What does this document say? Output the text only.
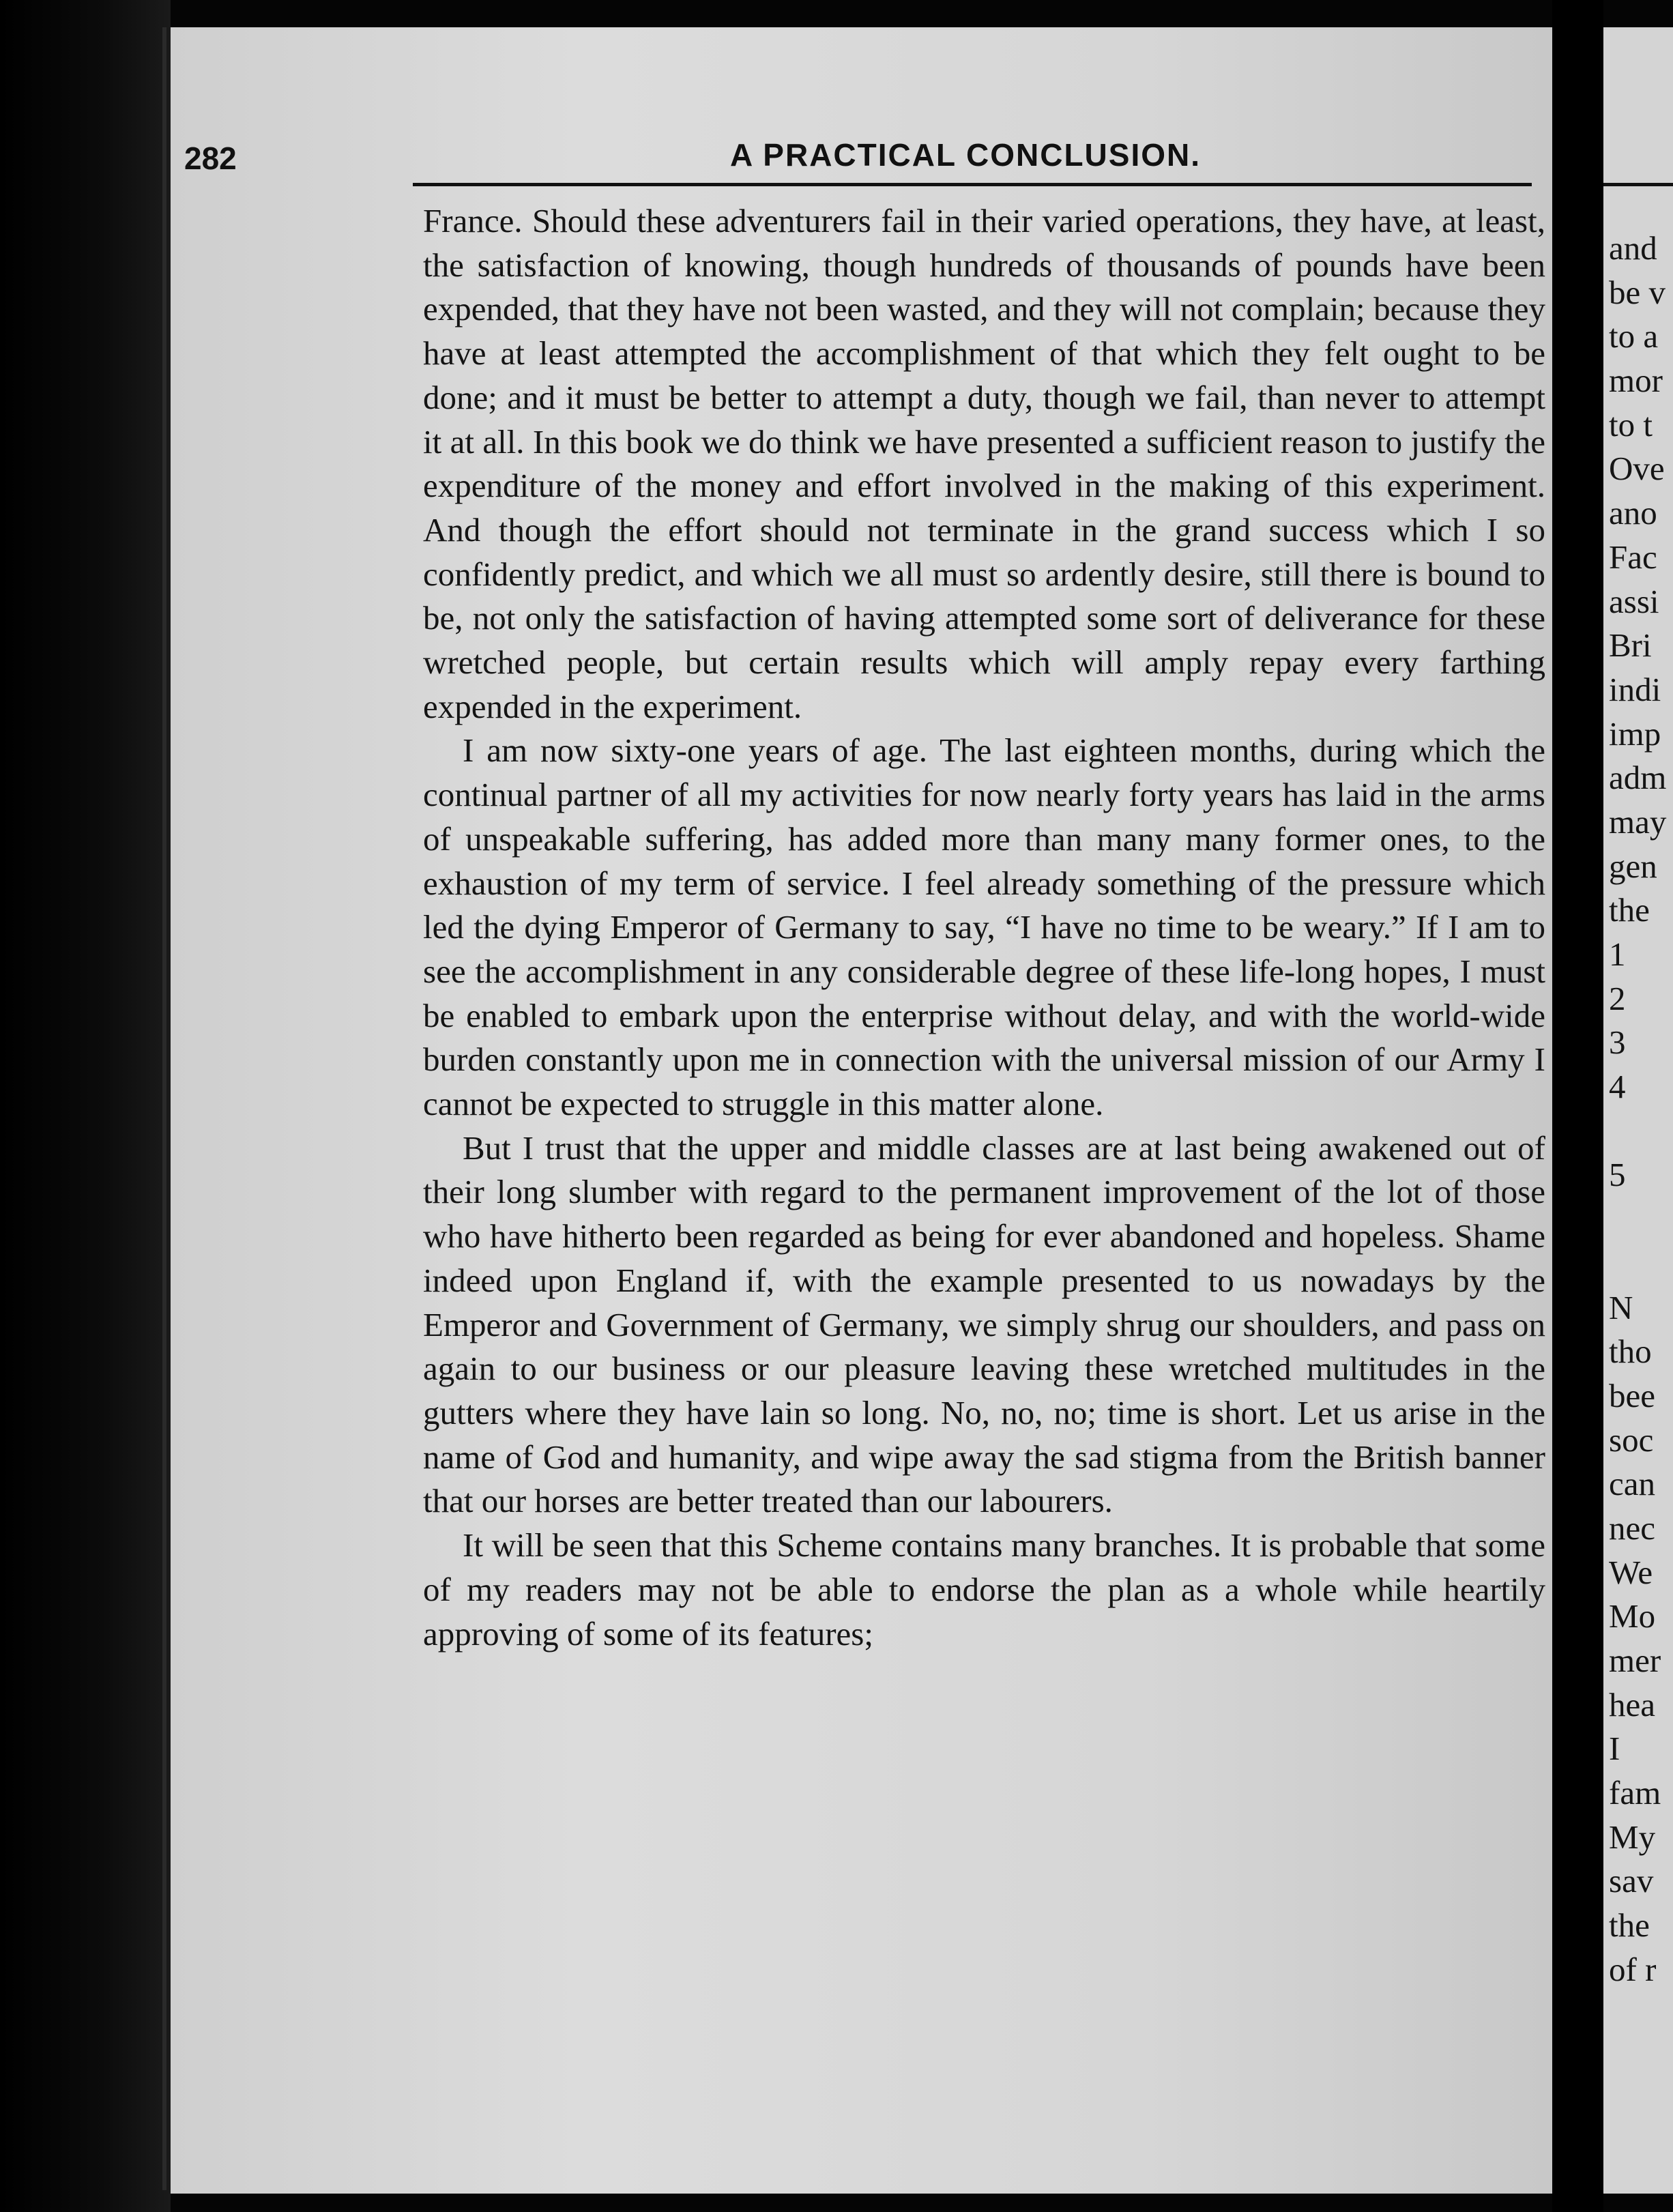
282	A PRACTICAL CONCLUSION.

France. Should these adventurers fail in their varied operations, they have, at least, the satisfaction of knowing, though hundreds of thousands of pounds have been expended, that they have not been wasted, and they will not complain; because they have at least attempted the accomplishment of that which they felt ought to be done; and it must be better to attempt a duty, though we fail, than never to attempt it at all. In this book we do think we have presented a sufficient reason to justify the expenditure of the money and effort involved in the making of this experiment. And though the effort should not terminate in the grand success which I so confidently predict, and which we all must so ardently desire, still there is bound to be, not only the satisfaction of having attempted some sort of deliverance for these wretched people, but certain results which will amply repay every farthing expended in the experiment.

I am now sixty-one years of age. The last eighteen months, during which the continual partner of all my activities for now nearly forty years has laid in the arms of unspeakable suffering, has added more than many many former ones, to the exhaustion of my term of service. I feel already something of the pressure which led the dying Emperor of Germany to say, “I have no time to be weary.” If I am to see the accomplishment in any considerable degree of these life-long hopes, I must be enabled to embark upon the enterprise without delay, and with the world-wide burden constantly upon me in connection with the universal mission of our Army I cannot be expected to struggle in this matter alone.

But I trust that the upper and middle classes are at last being awakened out of their long slumber with regard to the permanent improvement of the lot of those who have hitherto been regarded as being for ever abandoned and hopeless. Shame indeed upon England if, with the example presented to us nowadays by the Emperor and Government of Germany, we simply shrug our shoulders, and pass on again to our business or our pleasure leaving these wretched multitudes in the gutters where they have lain so long. No, no, no; time is short. Let us arise in the name of God and humanity, and wipe away the sad stigma from the British banner that our horses are better treated than our labourers.

It will be seen that this Scheme contains many branches. It is probable that some of my readers may not be able to endorse the plan as a whole while heartily approving of some of its features;

and
be v
to a
mor
to t
Ove
ano
Fac
assi
Bri
indi
imp
adm
may
gen
the
1
2
3
4
5
N
tho
bee
soc
can
nec
We
Mo
mer
hea
I
fam
My
sav
the
of r
